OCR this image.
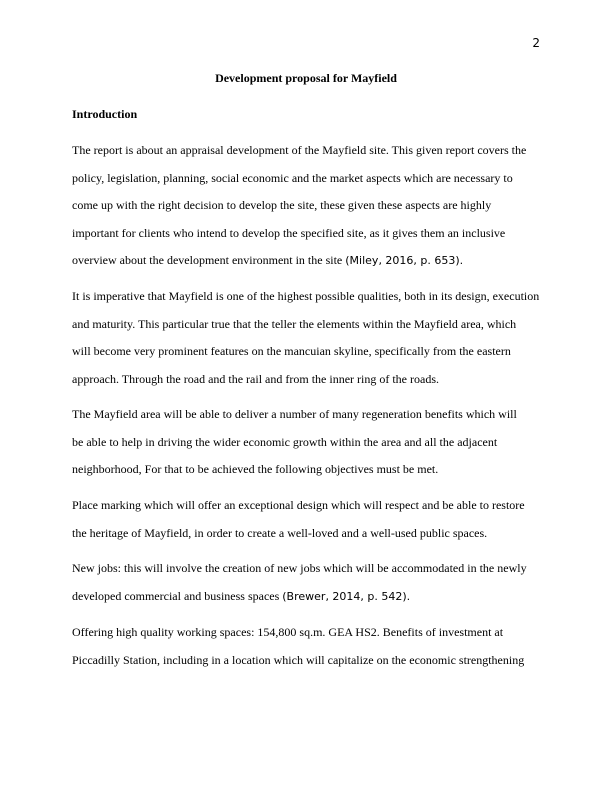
2
Development proposal for Mayfield
Introduction
The report is about an appraisal development of the Mayfield site. This given report covers the
policy, legislation, planning, social economic and the market aspects which are necessary to
come up with the right decision to develop the site, these given these aspects are highly
important for clients who intend to develop the specified site, as it gives them an inclusive
overview about the development environment in the site (Miley, 2016, p. 653).
It is imperative that Mayfield is one of the highest possible qualities, both in its design, execution
and maturity. This particular true that the teller the elements within the Mayfield area, which
will become very prominent features on the mancuian skyline, specifically from the eastern
approach. Through the road and the rail and from the inner ring of the roads.
The Mayfield area will be able to deliver a number of many regeneration benefits which will
be able to help in driving the wider economic growth within the area and all the adjacent
neighborhood, For that to be achieved the following objectives must be met.
Place marking which will offer an exceptional design which will respect and be able to restore
the heritage of Mayfield, in order to create a well-loved and a well-used public spaces.
New jobs: this will involve the creation of new jobs which will be accommodated in the newly
developed commercial and business spaces (Brewer, 2014, p. 542).
Offering high quality working spaces: 154,800 sq.m. GEA HS2. Benefits of investment at
Piccadilly Station, including in a location which will capitalize on the economic strengthening
